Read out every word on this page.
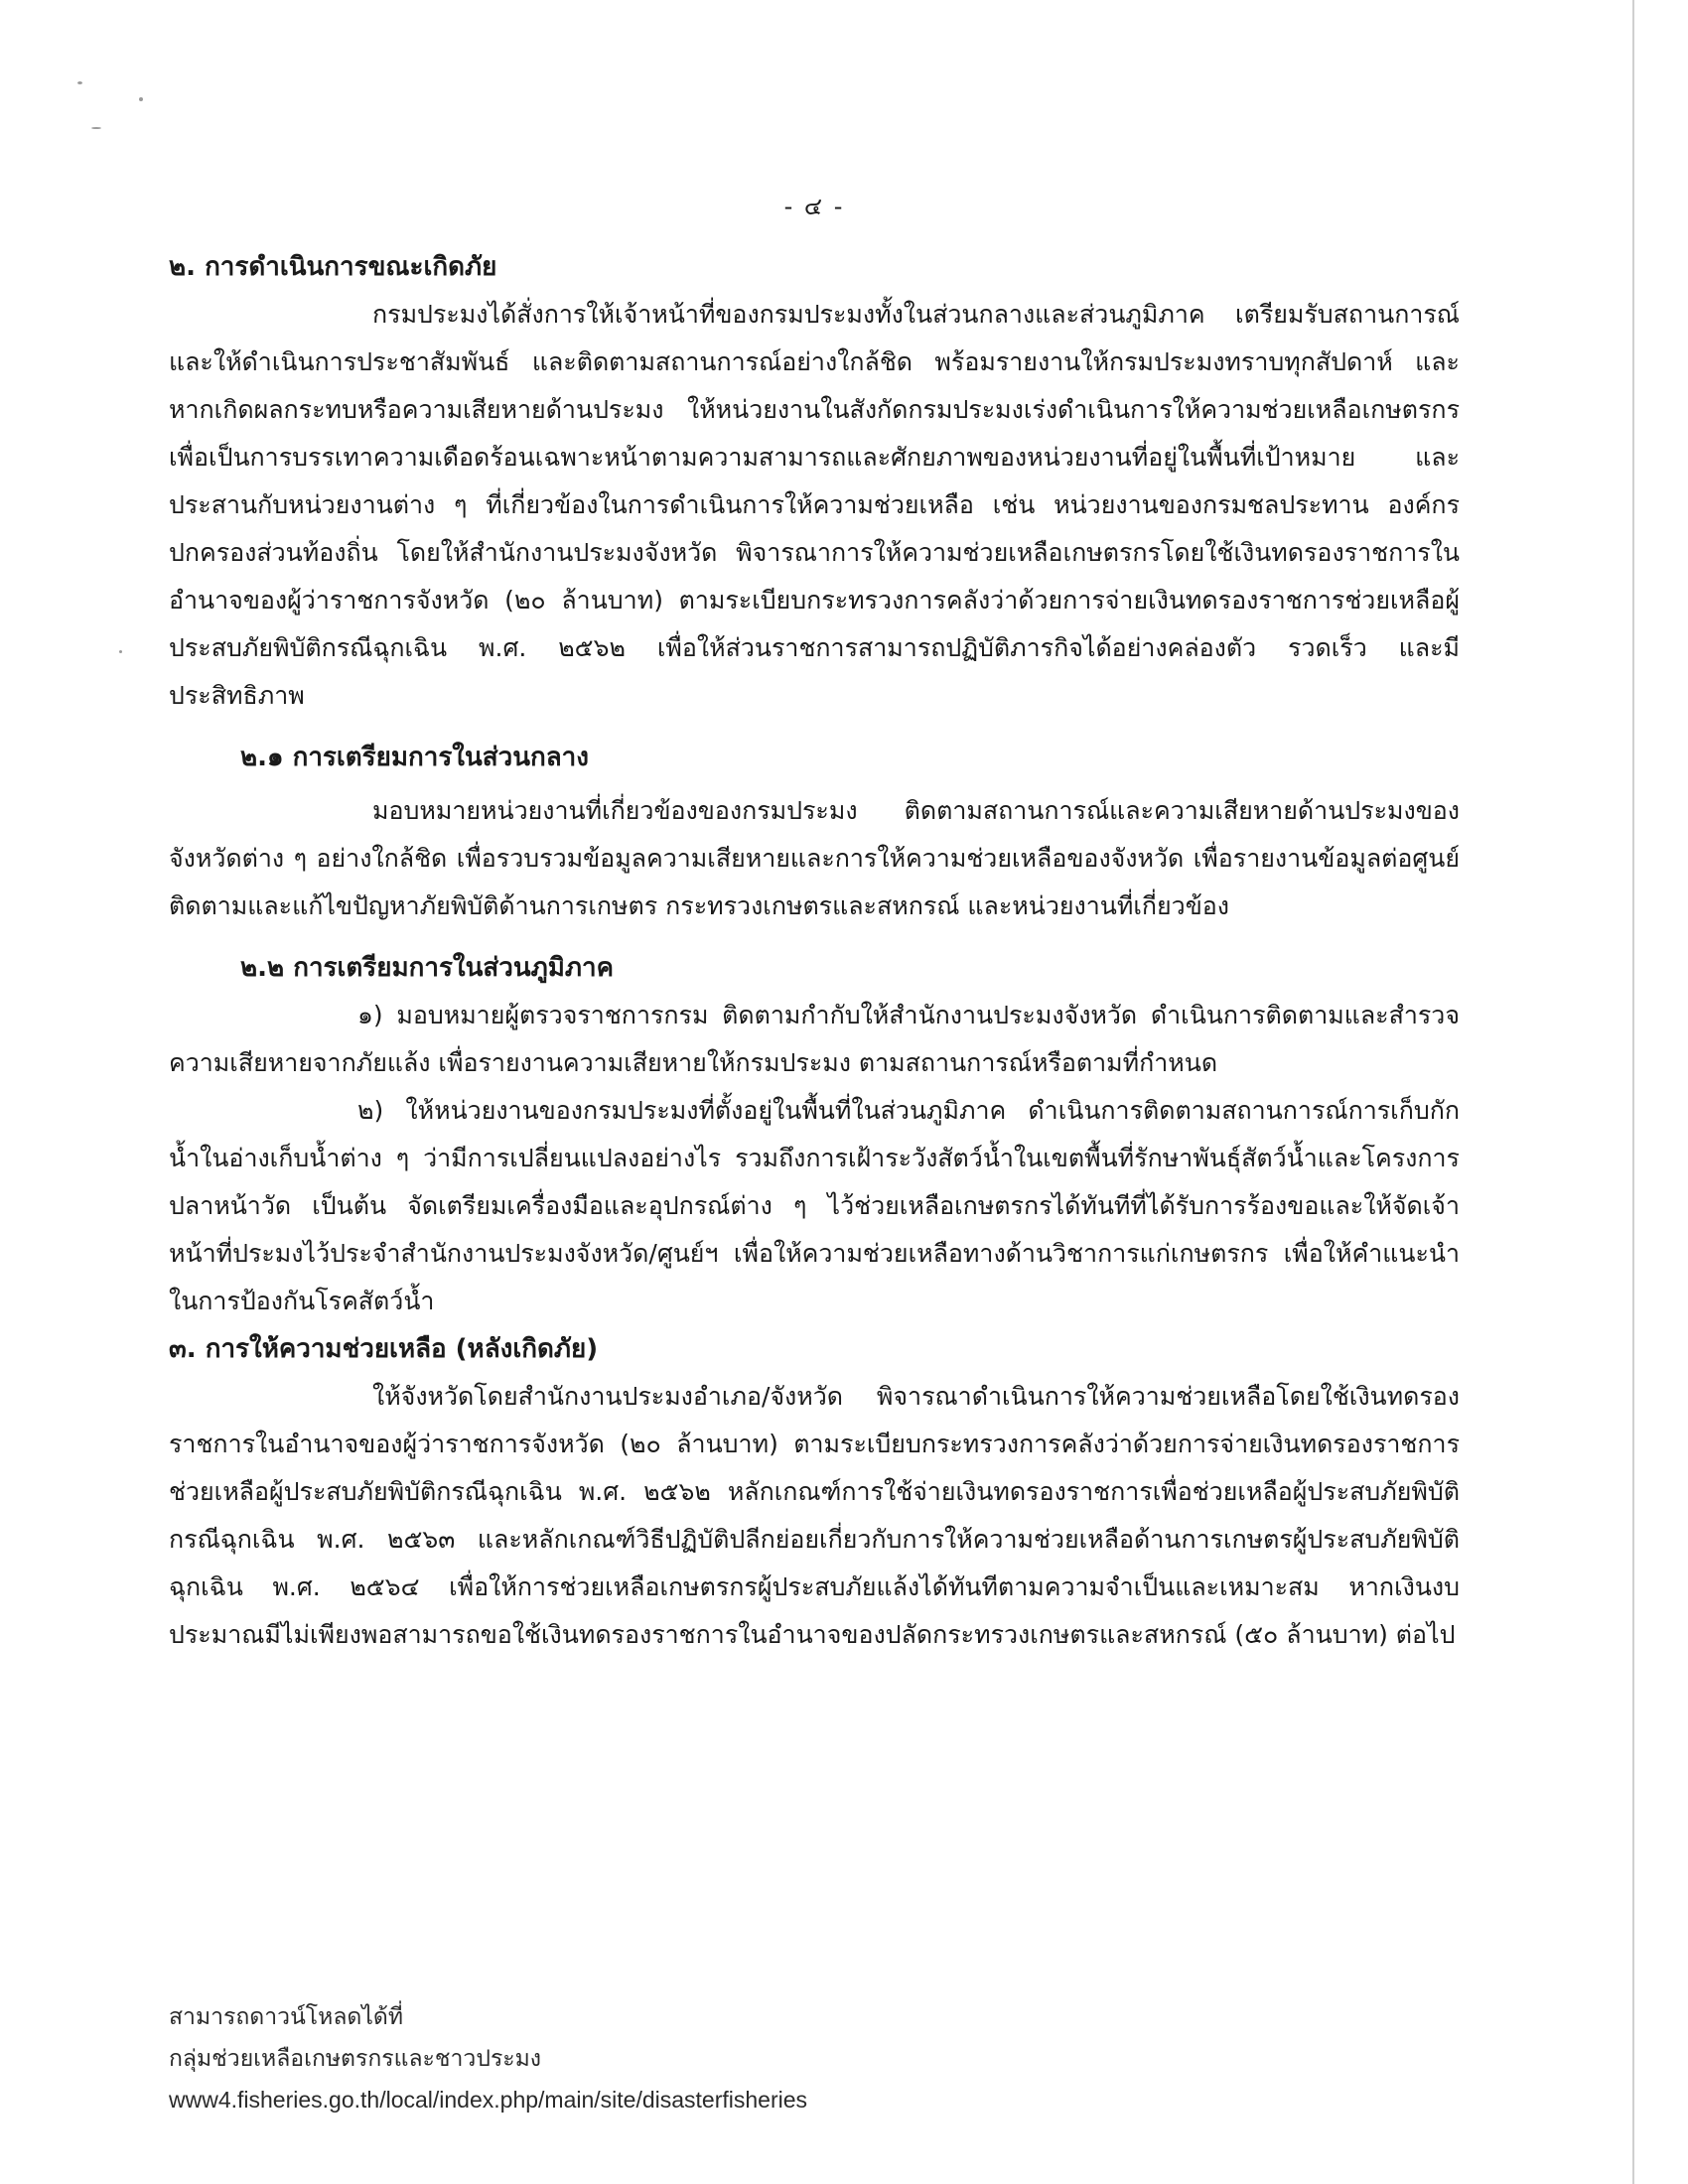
- ๔ -
๒. การดำเนินการขณะเกิดภัย

กรมประมงได้สั่งการให้เจ้าหน้าที่ของกรมประมงทั้งในส่วนกลางและส่วนภูมิภาค เตรียมรับสถานการณ์และให้ดำเนินการประชาสัมพันธ์ และติดตามสถานการณ์อย่างใกล้ชิด พร้อมรายงานให้กรมประมงทราบทุกสัปดาห์ และหากเกิดผลกระทบหรือความเสียหายด้านประมง ให้หน่วยงานในสังกัดกรมประมงเร่งดำเนินการให้ความช่วยเหลือเกษตรกรเพื่อเป็นการบรรเทาความเดือดร้อนเฉพาะหน้าตามความสามารถและศักยภาพของหน่วยงานที่อยู่ในพื้นที่เป้าหมาย และประสานกับหน่วยงานต่าง ๆ ที่เกี่ยวข้องในการดำเนินการให้ความช่วยเหลือ เช่น หน่วยงานของกรมชลประทาน องค์กรปกครองส่วนท้องถิ่น โดยให้สำนักงานประมงจังหวัด พิจารณาการให้ความช่วยเหลือเกษตรกรโดยใช้เงินทดรองราชการในอำนาจของผู้ว่าราชการจังหวัด (๒๐ ล้านบาท) ตามระเบียบกระทรวงการคลังว่าด้วยการจ่ายเงินทดรองราชการช่วยเหลือผู้ประสบภัยพิบัติกรณีฉุกเฉิน พ.ศ. ๒๕๖๒ เพื่อให้ส่วนราชการสามารถปฏิบัติภารกิจได้อย่างคล่องตัว รวดเร็ว และมีประสิทธิภาพ

๒.๑ การเตรียมการในส่วนกลาง

มอบหมายหน่วยงานที่เกี่ยวข้องของกรมประมง ติดตามสถานการณ์และความเสียหายด้านประมงของจังหวัดต่าง ๆ อย่างใกล้ชิด เพื่อรวบรวมข้อมูลความเสียหายและการให้ความช่วยเหลือของจังหวัด เพื่อรายงานข้อมูลต่อศูนย์ติดตามและแก้ไขปัญหาภัยพิบัติด้านการเกษตร กระทรวงเกษตรและสหกรณ์ และหน่วยงานที่เกี่ยวข้อง

๒.๒ การเตรียมการในส่วนภูมิภาค

๑) มอบหมายผู้ตรวจราชการกรม ติดตามกำกับให้สำนักงานประมงจังหวัด ดำเนินการติดตามและสำรวจความเสียหายจากภัยแล้ง เพื่อรายงานความเสียหายให้กรมประมง ตามสถานการณ์หรือตามที่กำหนด

๒) ให้หน่วยงานของกรมประมงที่ตั้งอยู่ในพื้นที่ในส่วนภูมิภาค ดำเนินการติดตามสถานการณ์การเก็บกักน้ำในอ่างเก็บน้ำต่าง ๆ ว่ามีการเปลี่ยนแปลงอย่างไร รวมถึงการเฝ้าระวังสัตว์น้ำในเขตพื้นที่รักษาพันธุ์สัตว์น้ำและโครงการปลาหน้าวัด เป็นต้น จัดเตรียมเครื่องมือและอุปกรณ์ต่าง ๆ ไว้ช่วยเหลือเกษตรกรได้ทันทีที่ได้รับการร้องขอและให้จัดเจ้าหน้าที่ประมงไว้ประจำสำนักงานประมงจังหวัด/ศูนย์ฯ เพื่อให้ความช่วยเหลือทางด้านวิชาการแก่เกษตรกร เพื่อให้คำแนะนำในการป้องกันโรคสัตว์น้ำ

๓. การให้ความช่วยเหลือ (หลังเกิดภัย)

ให้จังหวัดโดยสำนักงานประมงอำเภอ/จังหวัด พิจารณาดำเนินการให้ความช่วยเหลือโดยใช้เงินทดรองราชการในอำนาจของผู้ว่าราชการจังหวัด (๒๐ ล้านบาท) ตามระเบียบกระทรวงการคลังว่าด้วยการจ่ายเงินทดรองราชการช่วยเหลือผู้ประสบภัยพิบัติกรณีฉุกเฉิน พ.ศ. ๒๕๖๒ หลักเกณฑ์การใช้จ่ายเงินทดรองราชการเพื่อช่วยเหลือผู้ประสบภัยพิบัติกรณีฉุกเฉิน พ.ศ. ๒๕๖๓ และหลักเกณฑ์วิธีปฏิบัติปลีกย่อยเกี่ยวกับการให้ความช่วยเหลือด้านการเกษตรผู้ประสบภัยพิบัติฉุกเฉิน พ.ศ. ๒๕๖๔ เพื่อให้การช่วยเหลือเกษตรกรผู้ประสบภัยแล้งได้ทันทีตามความจำเป็นและเหมาะสม หากเงินงบประมาณมีไม่เพียงพอสามารถขอใช้เงินทดรองราชการในอำนาจของปลัดกระทรวงเกษตรและสหกรณ์ (๕๐ ล้านบาท) ต่อไป

สามารถดาวน์โหลดได้ที่
กลุ่มช่วยเหลือเกษตรกรและชาวประมง
www4.fisheries.go.th/local/index.php/main/site/disasterfisheries
